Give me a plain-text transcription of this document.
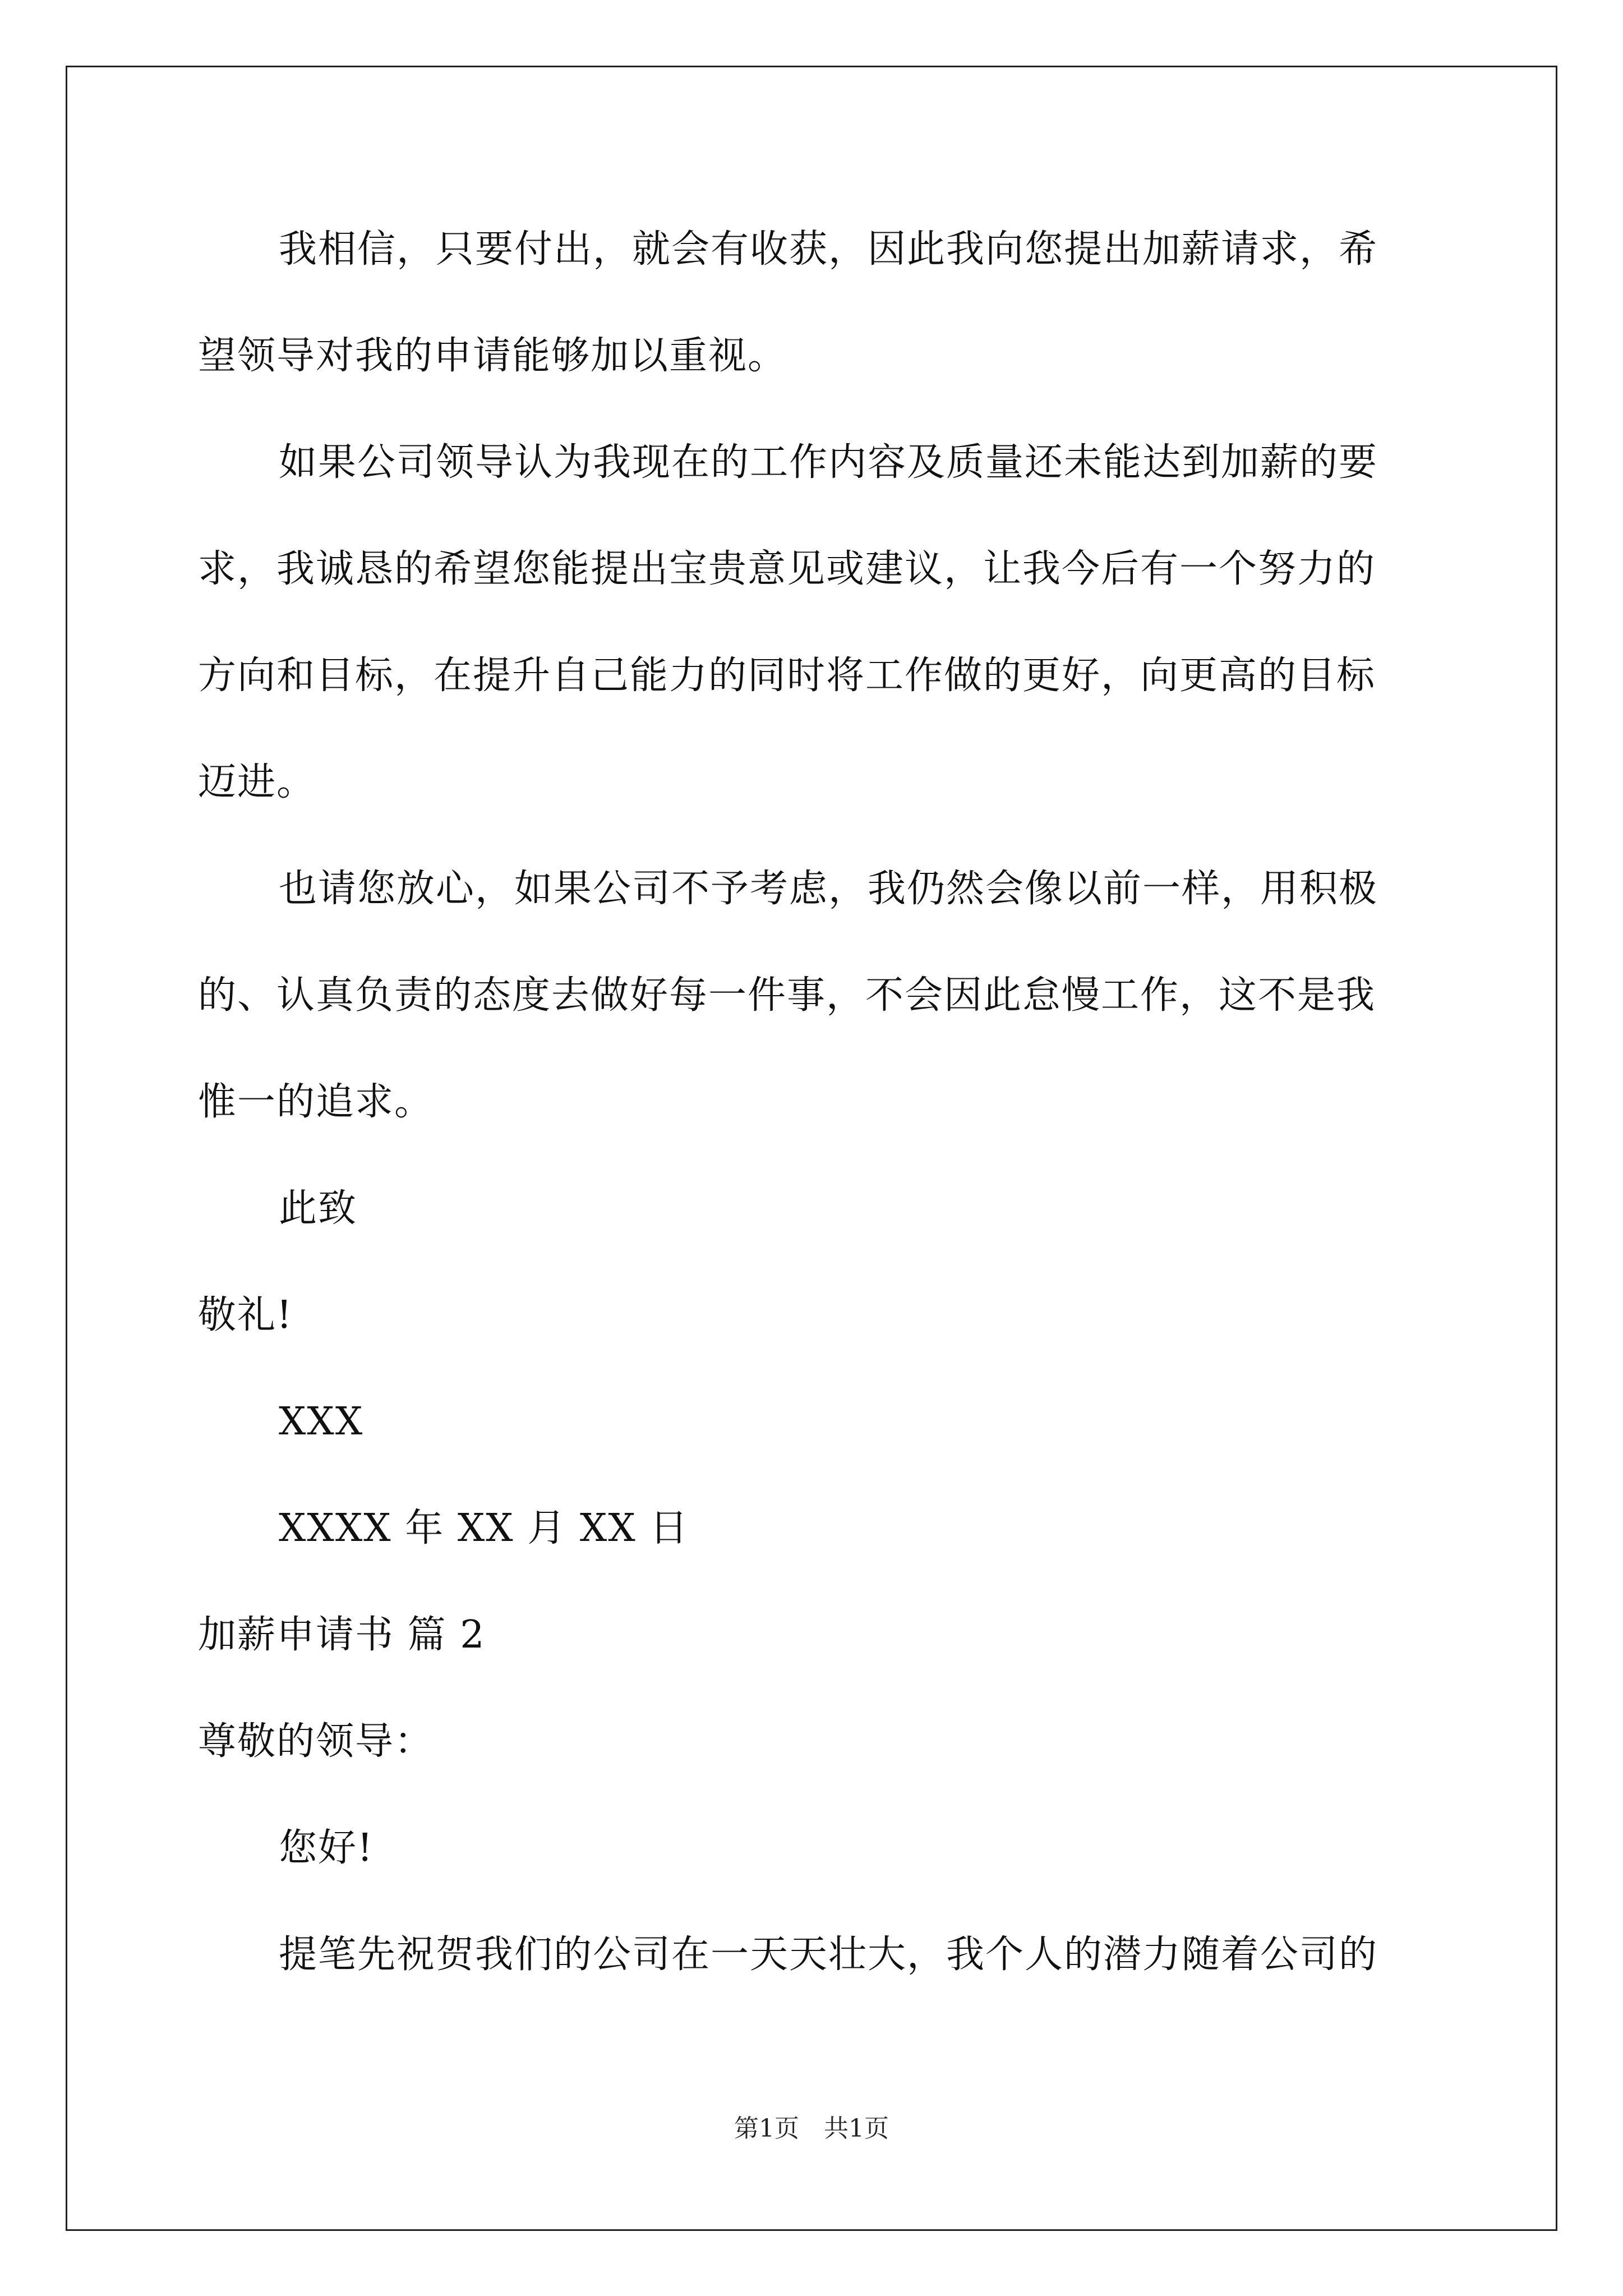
我相信，只要付出，就会有收获，因此我向您提出加薪请求，希
望领导对我的申请能够加以重视。
如果公司领导认为我现在的工作内容及质量还未能达到加薪的要
求，我诚恳的希望您能提出宝贵意见或建议，让我今后有一个努力的
方向和目标，在提升自己能力的同时将工作做的更好，向更高的目标
迈进。
也请您放心，如果公司不予考虑，我仍然会像以前一样，用积极
的、认真负责的态度去做好每一件事，不会因此怠慢工作，这不是我
惟一的追求。
此致
敬礼!
XXX
XXXX 年 XX 月 XX 日
加薪申请书 篇 2
尊敬的领导：
您好!
提笔先祝贺我们的公司在一天天壮大，我个人的潜力随着公司的
第1页　共1页
